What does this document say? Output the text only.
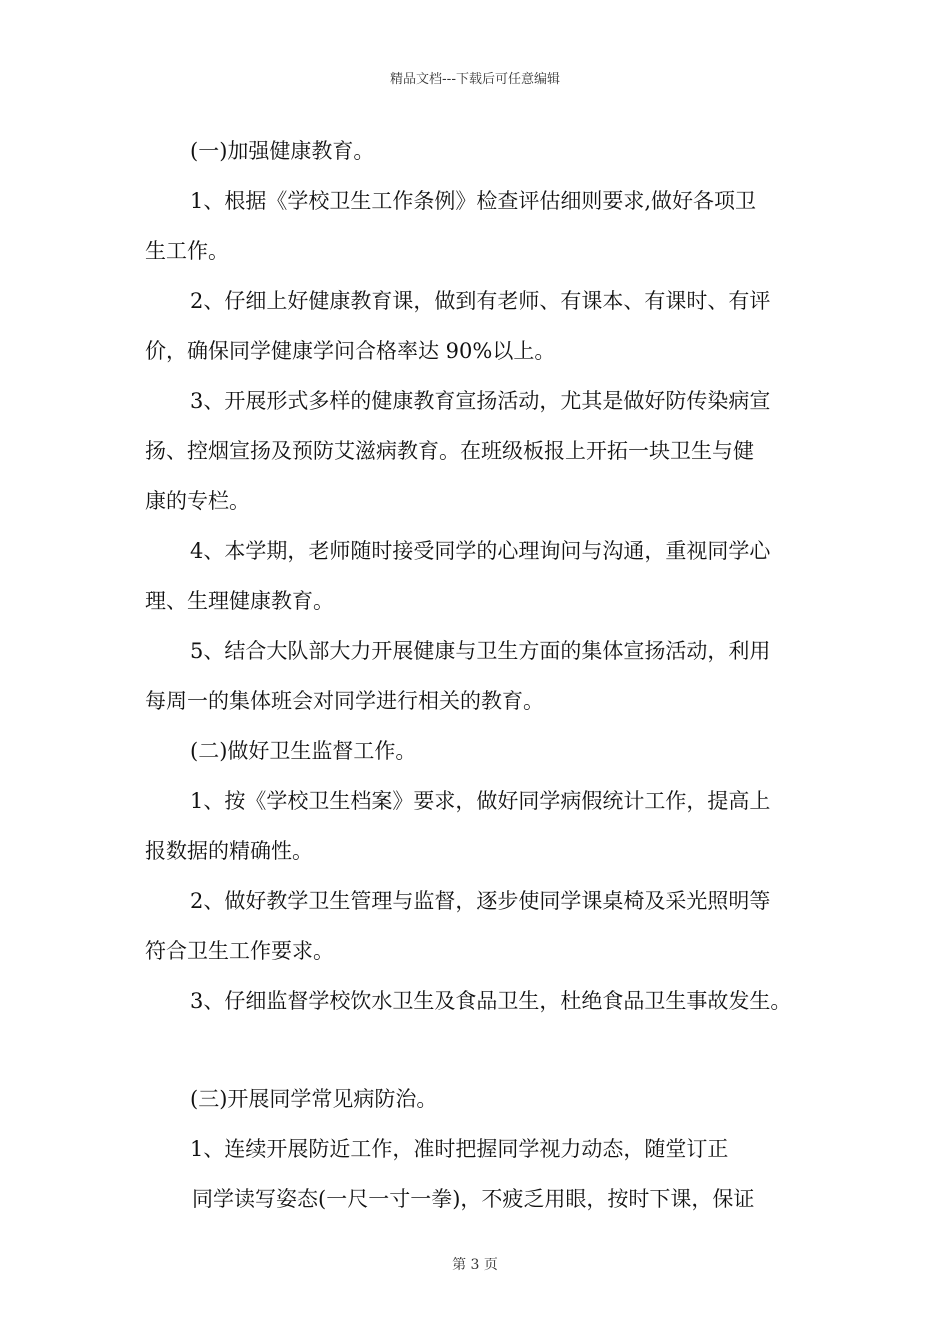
精品文档---下载后可任意编辑
(一)加强健康教育。
1、根据《学校卫生工作条例》检查评估细则要求,做好各项卫
生工作。
2、仔细上好健康教育课，做到有老师、有课本、有课时、有评
价，确保同学健康学问合格率达 90%以上。
3、开展形式多样的健康教育宣扬活动，尤其是做好防传染病宣
扬、控烟宣扬及预防艾滋病教育。在班级板报上开拓一块卫生与健
康的专栏。
4、本学期，老师随时接受同学的心理询问与沟通，重视同学心
理、生理健康教育。
5、结合大队部大力开展健康与卫生方面的集体宣扬活动，利用
每周一的集体班会对同学进行相关的教育。
(二)做好卫生监督工作。
1、按《学校卫生档案》要求，做好同学病假统计工作，提高上
报数据的精确性。
2、做好教学卫生管理与监督，逐步使同学课桌椅及采光照明等
符合卫生工作要求。
3、仔细监督学校饮水卫生及食品卫生，杜绝食品卫生事故发生。
(三)开展同学常见病防治。
1、连续开展防近工作，准时把握同学视力动态，随堂订正
同学读写姿态(一尺一寸一拳)，不疲乏用眼，按时下课，保证
第 3 页
